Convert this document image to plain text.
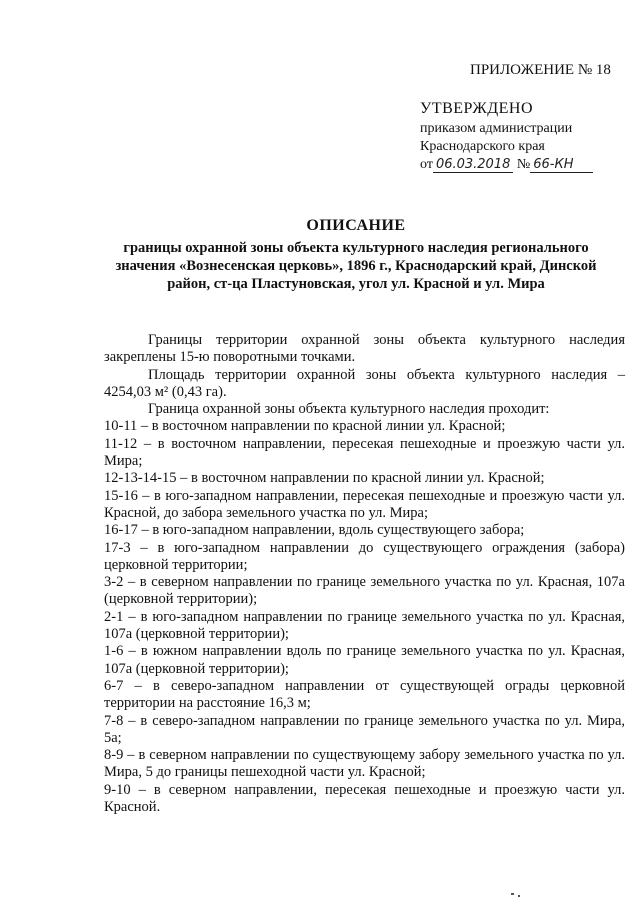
ПРИЛОЖЕНИЕ № 18
УТВЕРЖДЕНО
приказом администрации
Краснодарского края
от 06.03.2018 № 66-КН
ОПИСАНИЕ
границы охранной зоны объекта культурного наследия регионального значения «Вознесенская церковь», 1896 г., Краснодарский край, Динской район, ст-ца Пластуновская, угол ул. Красной и ул. Мира

Границы территории охранной зоны объекта культурного наследия закреплены 15-ю поворотными точками.

Площадь территории охранной зоны объекта культурного наследия – 4254,03 м² (0,43 га).

Граница охранной зоны объекта культурного наследия проходит:

10-11 – в восточном направлении по красной линии ул. Красной;

11-12 – в восточном направлении, пересекая пешеходные и проезжую части ул. Мира;

12-13-14-15 – в восточном направлении по красной линии ул. Красной;

15-16 – в юго-западном направлении, пересекая пешеходные и проезжую части ул. Красной, до забора земельного участка по ул. Мира;

16-17 – в юго-западном направлении, вдоль существующего забора;

17-3 – в юго-западном направлении до существующего ограждения (забора) церковной территории;

3-2 – в северном направлении по границе земельного участка по ул. Красная, 107а (церковной территории);

2-1 – в юго-западном направлении по границе земельного участка по ул. Красная, 107а (церковной территории);

1-6 – в южном направлении вдоль по границе земельного участка по ул. Красная, 107а (церковной территории);

6-7 – в северо-западном направлении от существующей ограды церковной территории на расстояние 16,3 м;

7-8 – в северо-западном направлении по границе земельного участка по ул. Мира, 5а;

8-9 – в северном направлении по существующему забору земельного участка по ул. Мира, 5 до границы пешеходной части ул. Красной;

9-10 – в северном направлении, пересекая пешеходные и проезжую части ул. Красной.
